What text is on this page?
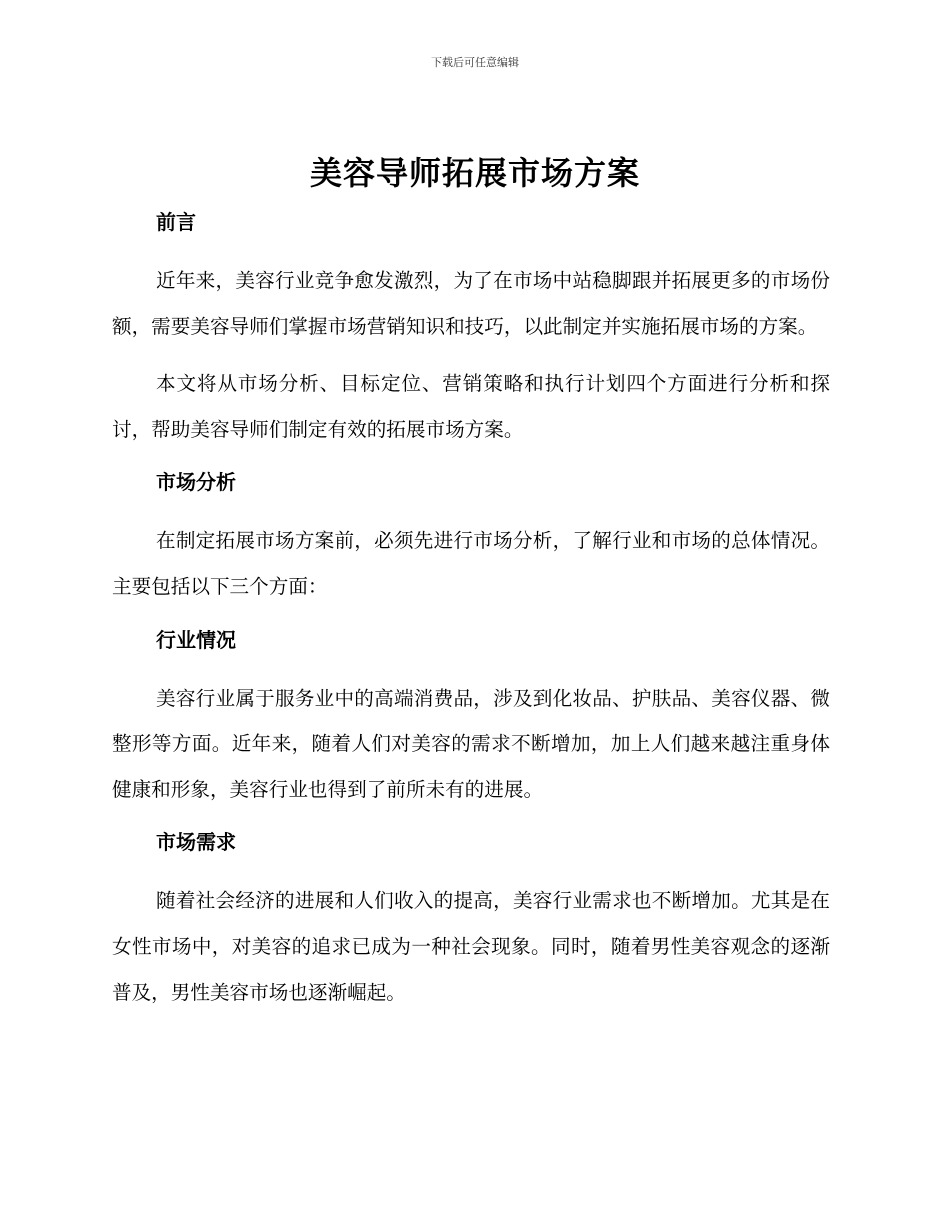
下载后可任意编辑
美容导师拓展市场方案
前言

近年来，美容行业竞争愈发激烈，为了在市场中站稳脚跟并拓展更多的市场份额，需要美容导师们掌握市场营销知识和技巧，以此制定并实施拓展市场的方案。

本文将从市场分析、目标定位、营销策略和执行计划四个方面进行分析和探讨，帮助美容导师们制定有效的拓展市场方案。

市场分析

在制定拓展市场方案前，必须先进行市场分析，了解行业和市场的总体情况。主要包括以下三个方面：

行业情况

美容行业属于服务业中的高端消费品，涉及到化妆品、护肤品、美容仪器、微整形等方面。近年来，随着人们对美容的需求不断增加，加上人们越来越注重身体健康和形象，美容行业也得到了前所未有的进展。

市场需求

随着社会经济的进展和人们收入的提高，美容行业需求也不断增加。尤其是在女性市场中，对美容的追求已成为一种社会现象。同时，随着男性美容观念的逐渐普及，男性美容市场也逐渐崛起。
